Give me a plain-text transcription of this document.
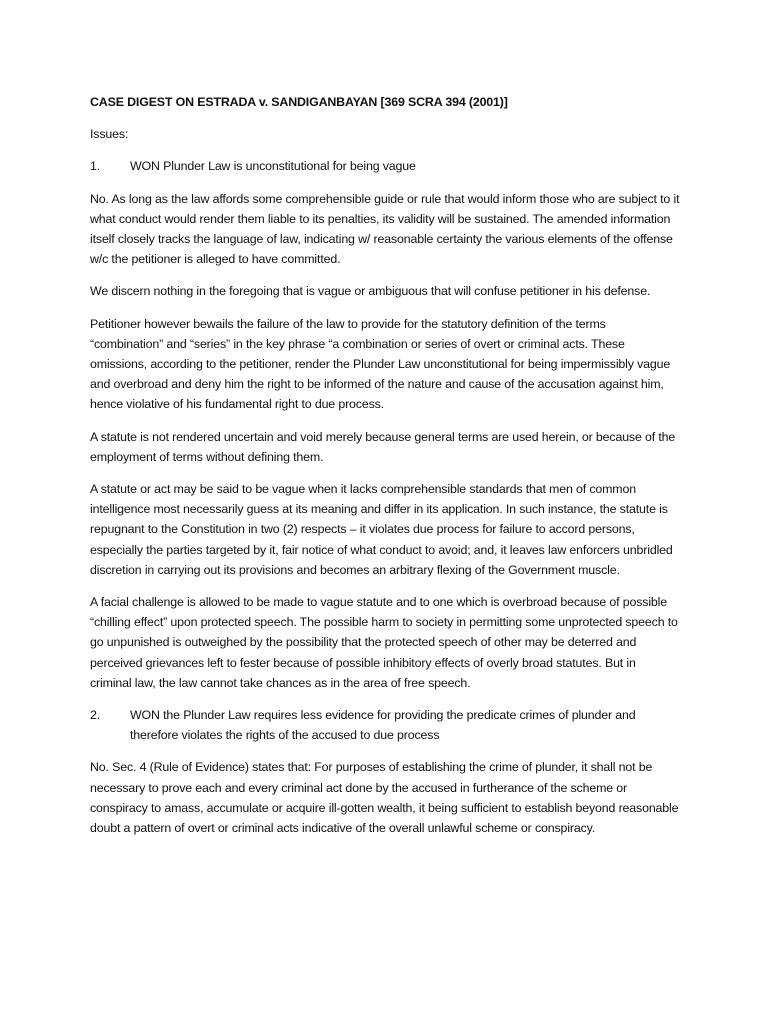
CASE DIGEST ON ESTRADA v. SANDIGANBAYAN [369 SCRA 394 (2001)]
Issues:
1.	WON Plunder Law is unconstitutional for being vague

No. As long as the law affords some comprehensible guide or rule that would inform those who are subject to it what conduct would render them liable to its penalties, its validity will be sustained. The amended information itself closely tracks the language of law, indicating w/ reasonable certainty the various elements of the offense w/c the petitioner is alleged to have committed.

We discern nothing in the foregoing that is vague or ambiguous that will confuse petitioner in his defense.

Petitioner however bewails the failure of the law to provide for the statutory definition of the terms “combination” and “series” in the key phrase “a combination or series of overt or criminal acts. These omissions, according to the petitioner, render the Plunder Law unconstitutional for being impermissibly vague and overbroad and deny him the right to be informed of the nature and cause of the accusation against him, hence violative of his fundamental right to due process.

A statute is not rendered uncertain and void merely because general terms are used herein, or because of the employment of terms without defining them.

A statute or act may be said to be vague when it lacks comprehensible standards that men of common intelligence most necessarily guess at its meaning and differ in its application. In such instance, the statute is repugnant to the Constitution in two (2) respects – it violates due process for failure to accord persons, especially the parties targeted by it, fair notice of what conduct to avoid; and, it leaves law enforcers unbridled discretion in carrying out its provisions and becomes an arbitrary flexing of the Government muscle.

A facial challenge is allowed to be made to vague statute and to one which is overbroad because of possible “chilling effect” upon protected speech. The possible harm to society in permitting some unprotected speech to go unpunished is outweighed by the possibility that the protected speech of other may be deterred and perceived grievances left to fester because of possible inhibitory effects of overly broad statutes. But in criminal law, the law cannot take chances as in the area of free speech.

2.	WON the Plunder Law requires less evidence for providing the predicate crimes of plunder and therefore violates the rights of the accused to due process

No. Sec. 4 (Rule of Evidence) states that: For purposes of establishing the crime of plunder, it shall not be necessary to prove each and every criminal act done by the accused in furtherance of the scheme or conspiracy to amass, accumulate or acquire ill-gotten wealth, it being sufficient to establish beyond reasonable doubt a pattern of overt or criminal acts indicative of the overall unlawful scheme or conspiracy.
